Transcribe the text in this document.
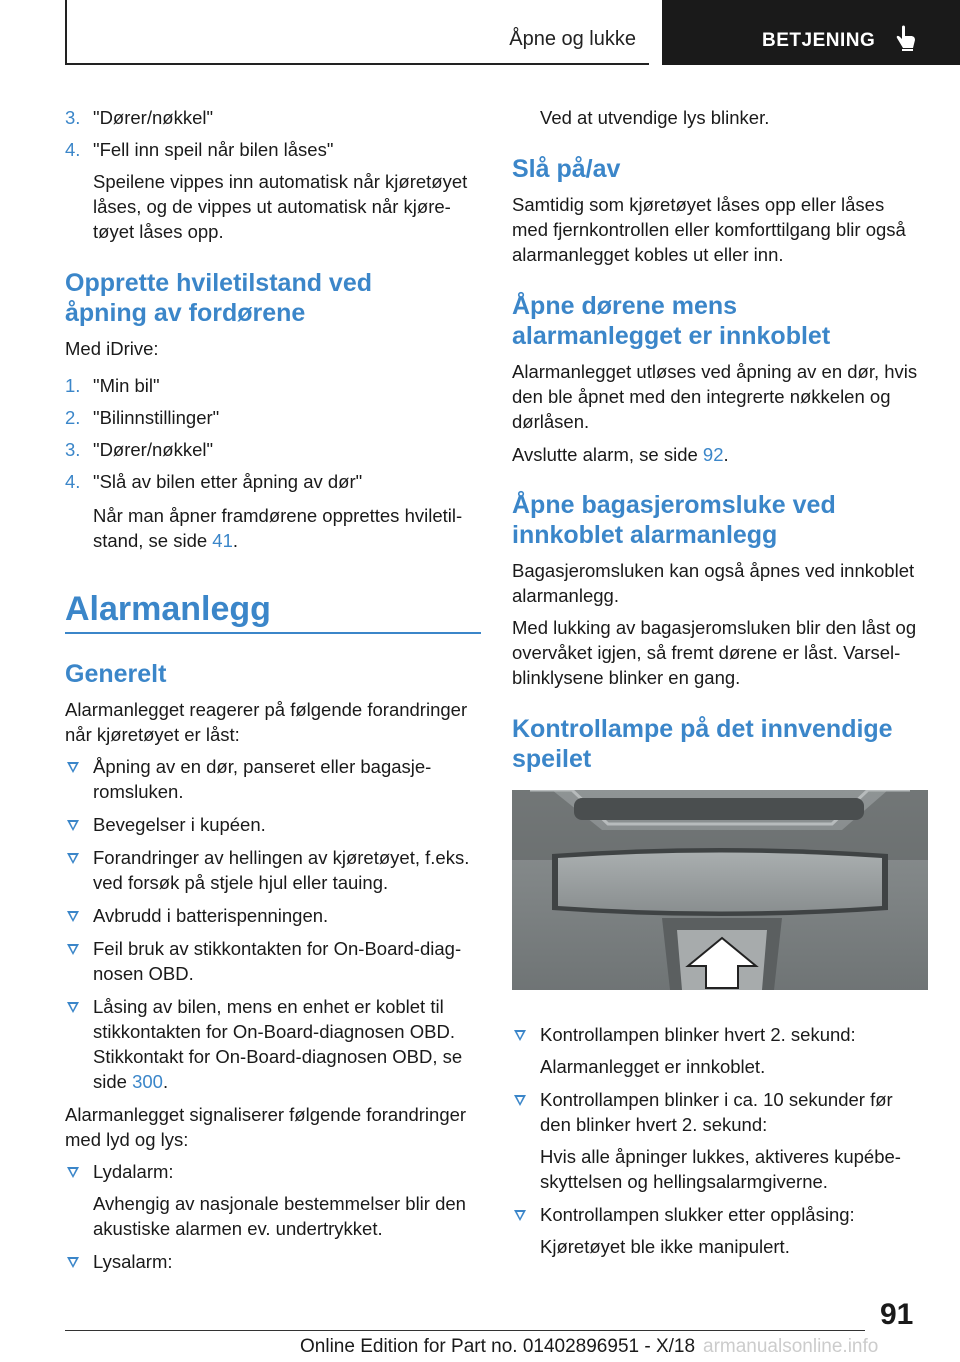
Åpne og lukke	BETJENING
3. "Dører/nøkkel"
4. "Fell inn speil når bilen låses"
Speilene vippes inn automatisk når kjøretøyet
låses, og de vippes ut automatisk når kjøre‐
tøyet låses opp.
Opprette hviletilstand ved
åpning av fordørene
Med iDrive:
1. "Min bil"
2. "Bilinnstillinger"
3. "Dører/nøkkel"
4. "Slå av bilen etter åpning av dør"
Når man åpner framdørene opprettes hviletil‐
stand, se side 41.
Alarmanlegg
Generelt
Alarmanlegget reagerer på følgende forandringer
når kjøretøyet er låst:
Åpning av en dør, panseret eller bagasje‐
romsluken.
Bevegelser i kupéen.
Forandringer av hellingen av kjøretøyet, f.eks.
ved forsøk på stjele hjul eller tauing.
Avbrudd i batterispenningen.
Feil bruk av stikkontakten for On-Board-diag‐
nosen OBD.
Låsing av bilen, mens en enhet er koblet til
stikkontakten for On-Board-diagnosen OBD.
Stikkontakt for On-Board-diagnosen OBD, se
side 300.
Alarmanlegget signaliserer følgende forandringer
med lyd og lys:
Lydalarm:
Avhengig av nasjonale bestemmelser blir den
akustiske alarmen ev. undertrykket.
Lysalarm:
Ved at utvendige lys blinker.
Slå på/av
Samtidig som kjøretøyet låses opp eller låses
med fjernkontrollen eller komforttilgang blir også
alarmanlegget kobles ut eller inn.
Åpne dørene mens
alarmanlegget er innkoblet
Alarmanlegget utløses ved åpning av en dør, hvis
den ble åpnet med den integrerte nøkkelen og
dørlåsen.
Avslutte alarm, se side 92.
Åpne bagasjeromsluke ved
innkoblet alarmanlegg
Bagasjeromsluken kan også åpnes ved innkoblet
alarmanlegg.
Med lukking av bagasjeromsluken blir den låst og
overvåket igjen, så fremt dørene er låst. Varsel‐
blinklysene blinker en gang.
Kontrollampe på det innvendige
speilet
Kontrollampen blinker hvert 2. sekund:
Alarmanlegget er innkoblet.
Kontrollampen blinker i ca. 10 sekunder før
den blinker hvert 2. sekund:
Hvis alle åpninger lukkes, aktiveres kupébe‐
skyttelsen og hellingsalarmgiverne.
Kontrollampen slukker etter opplåsing:
Kjøretøyet ble ikke manipulert.
91
Online Edition for Part no. 01402896951 - X/18 armanualsonline.info
